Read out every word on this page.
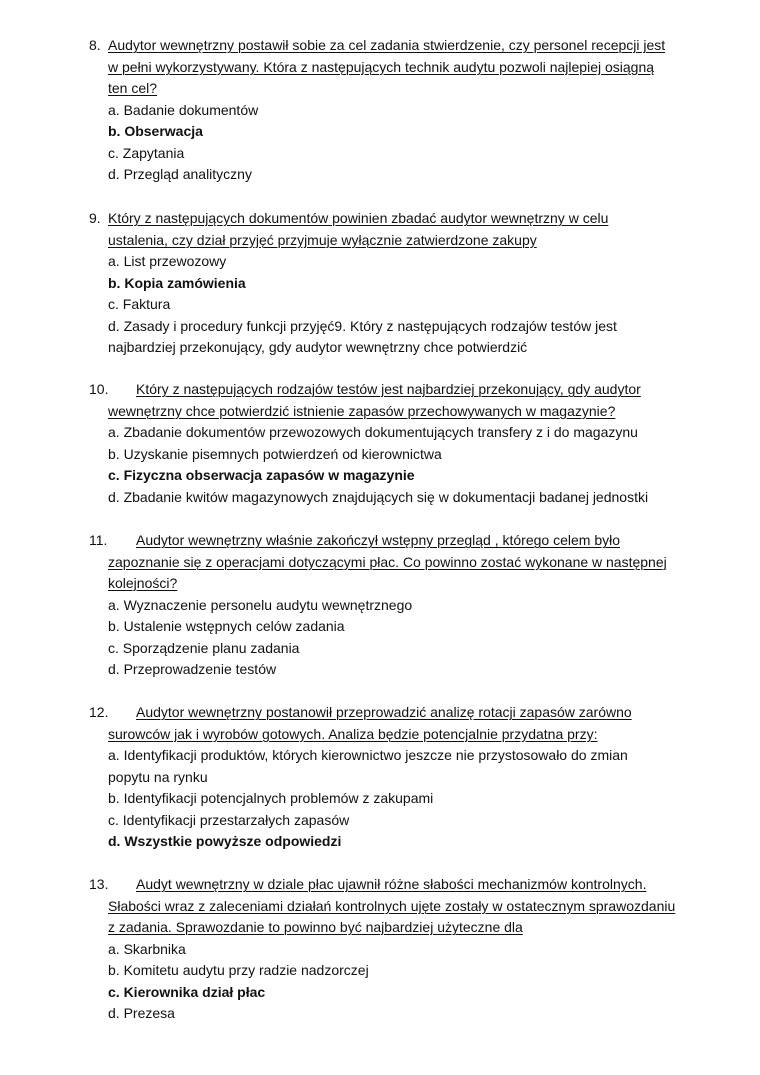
8. Audytor wewnętrzny postawił sobie za cel zadania stwierdzenie, czy personel recepcji jest
w pełni wykorzystywany. Która z następujących technik audytu pozwoli najlepiej osiągną
ten cel?
a. Badanie dokumentów
b. Obserwacja
c. Zapytania
d. Przegląd analityczny
9. Który z następujących dokumentów powinien zbadać audytor wewnętrzny w celu
ustalenia, czy dział przyjęć przyjmuje wyłącznie zatwierdzone zakupy
a. List przewozowy
b. Kopia zamówienia
c. Faktura
d. Zasady i procedury funkcji przyjęć9. Który z następujących rodzajów testów jest
najbardziej przekonujący, gdy audytor wewnętrzny chce potwierdzić
10. Który z następujących rodzajów testów jest najbardziej przekonujący, gdy audytor
wewnętrzny chce potwierdzić istnienie zapasów przechowywanych w magazynie?
a. Zbadanie dokumentów przewozowych dokumentujących transfery z i do magazynu
b. Uzyskanie pisemnych potwierdzeń od kierownictwa
c. Fizyczna obserwacja zapasów w magazynie
d. Zbadanie kwitów magazynowych znajdujących się w dokumentacji badanej jednostki
11. Audytor wewnętrzny właśnie zakończył wstępny przegląd , którego celem było
zapoznanie się z operacjami dotyczącymi płac. Co powinno zostać wykonane w następnej
kolejności?
a. Wyznaczenie personelu audytu wewnętrznego
b. Ustalenie wstępnych celów zadania
c. Sporządzenie planu zadania
d. Przeprowadzenie testów
12. Audytor wewnętrzny postanowił przeprowadzić analizę rotacji zapasów zarówno
surowców jak i wyrobów gotowych. Analiza będzie potencjalnie przydatna przy:
a. Identyfikacji produktów, których kierownictwo jeszcze nie przystosowało do zmian
popytu na rynku
b. Identyfikacji potencjalnych problemów z zakupami
c. Identyfikacji przestarzałych zapasów
d. Wszystkie powyższe odpowiedzi
13. Audyt wewnętrzny w dziale płac ujawnił różne słabości mechanizmów kontrolnych.
Słabości wraz z zaleceniami działań kontrolnych ujęte zostały w ostatecznym sprawozdaniu
z zadania. Sprawozdanie to powinno być najbardziej użyteczne dla
a. Skarbnika
b. Komitetu audytu przy radzie nadzorczej
c. Kierownika dział płac
d. Prezesa
